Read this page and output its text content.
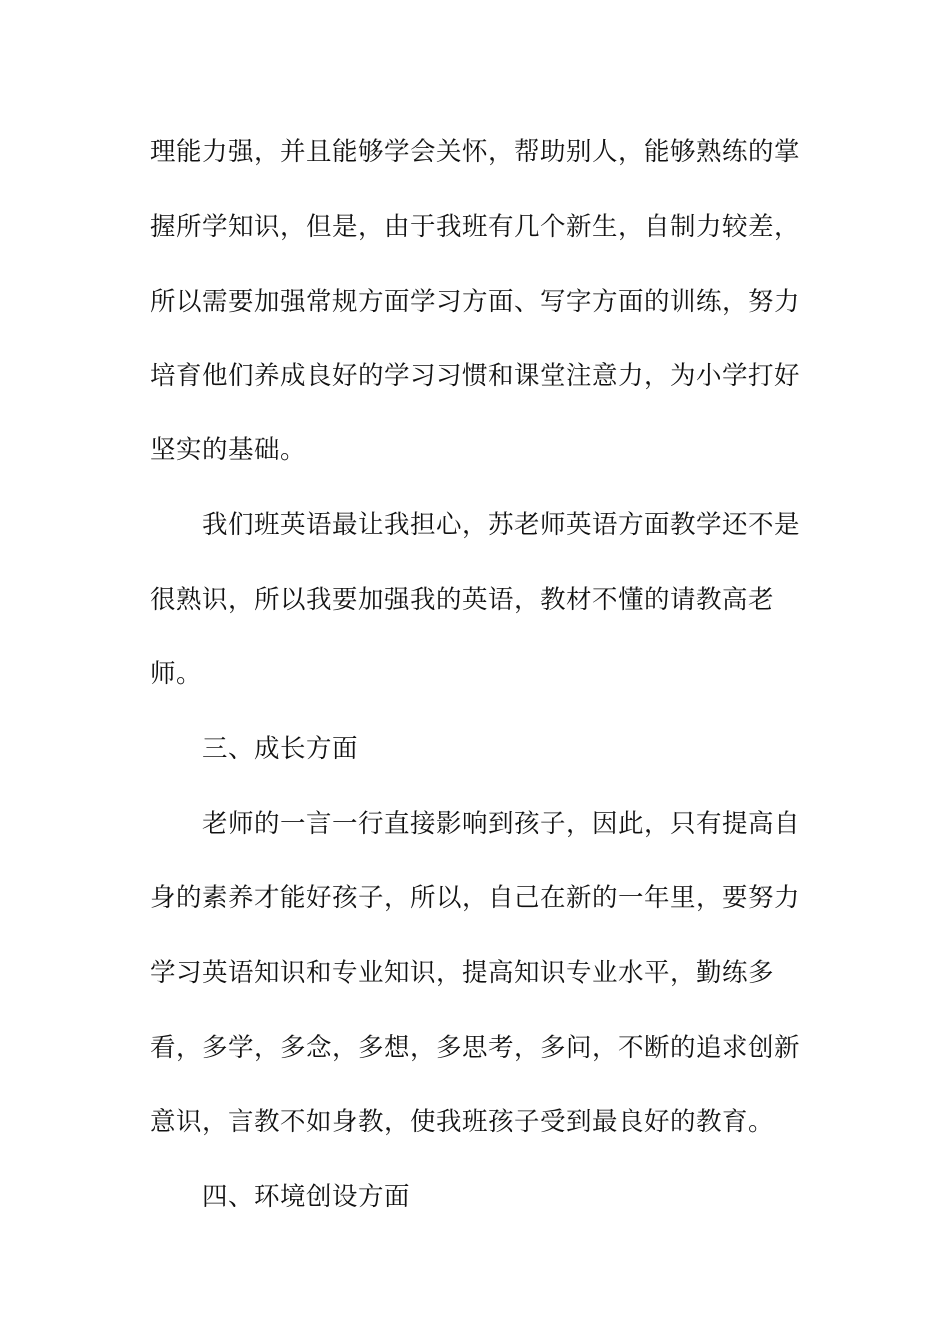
理能力强，并且能够学会关怀，帮助别人，能够熟练的掌
握所学知识，但是，由于我班有几个新生，自制力较差，
所以需要加强常规方面学习方面、写字方面的训练，努力
培育他们养成良好的学习习惯和课堂注意力，为小学打好
坚实的基础。
我们班英语最让我担心，苏老师英语方面教学还不是
很熟识，所以我要加强我的英语，教材不懂的请教高老
师。
三、成长方面
老师的一言一行直接影响到孩子，因此，只有提高自
身的素养才能好孩子，所以，自己在新的一年里，要努力
学习英语知识和专业知识，提高知识专业水平，勤练多
看，多学，多念，多想，多思考，多问，不断的追求创新
意识，言教不如身教，使我班孩子受到最良好的教育。
四、环境创设方面
